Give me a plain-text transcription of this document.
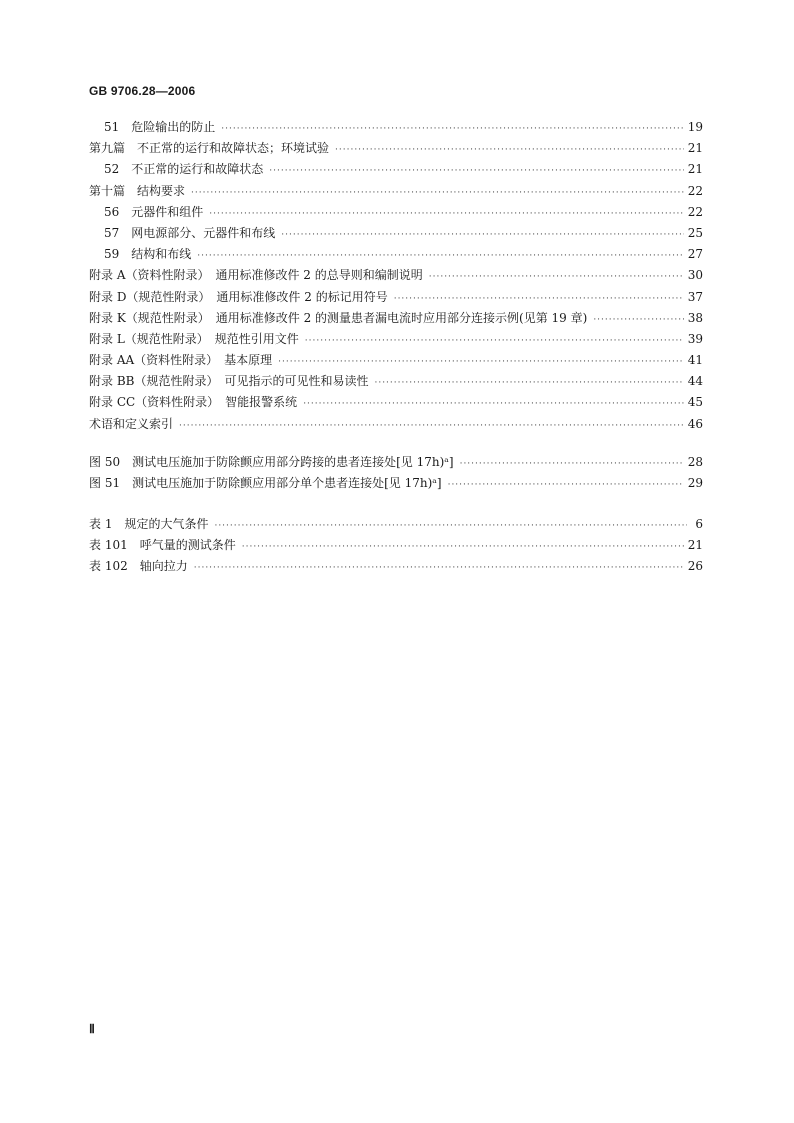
GB 9706.28—2006
51　危险输出的防止 ·····	19
第九篇　不正常的运行和故障状态；环境试验 ·····	21
52　不正常的运行和故障状态 ·····	21
第十篇　结构要求 ·····	22
56　元器件和组件 ·····	22
57　网电源部分、元器件和布线 ·····	25
59　结构和布线 ·····	27
附录 A（资料性附录）　通用标准修改件 2 的总导则和编制说明 ·····	30
附录 D（规范性附录）　通用标准修改件 2 的标记用符号 ·····	37
附录 K（规范性附录）　通用标准修改件 2 的测量患者漏电流时应用部分连接示例(见第 19 章) ·····	38
附录 L（规范性附录）　规范性引用文件 ·····	39
附录 AA（资料性附录）　基本原理 ·····	41
附录 BB（规范性附录）　可见指示的可见性和易读性 ·····	44
附录 CC（资料性附录）　智能报警系统 ·····	45
术语和定义索引 ·····	46
图 50　测试电压施加于防除颤应用部分跨接的患者连接处[见 17h)ᵃ] ·····	28
图 51　测试电压施加于防除颤应用部分单个患者连接处[见 17h)ᵃ] ·····	29
表 1　规定的大气条件 ·····	6
表 101　呼气量的测试条件 ·····	21
表 102　轴向拉力 ·····	26
Ⅱ
